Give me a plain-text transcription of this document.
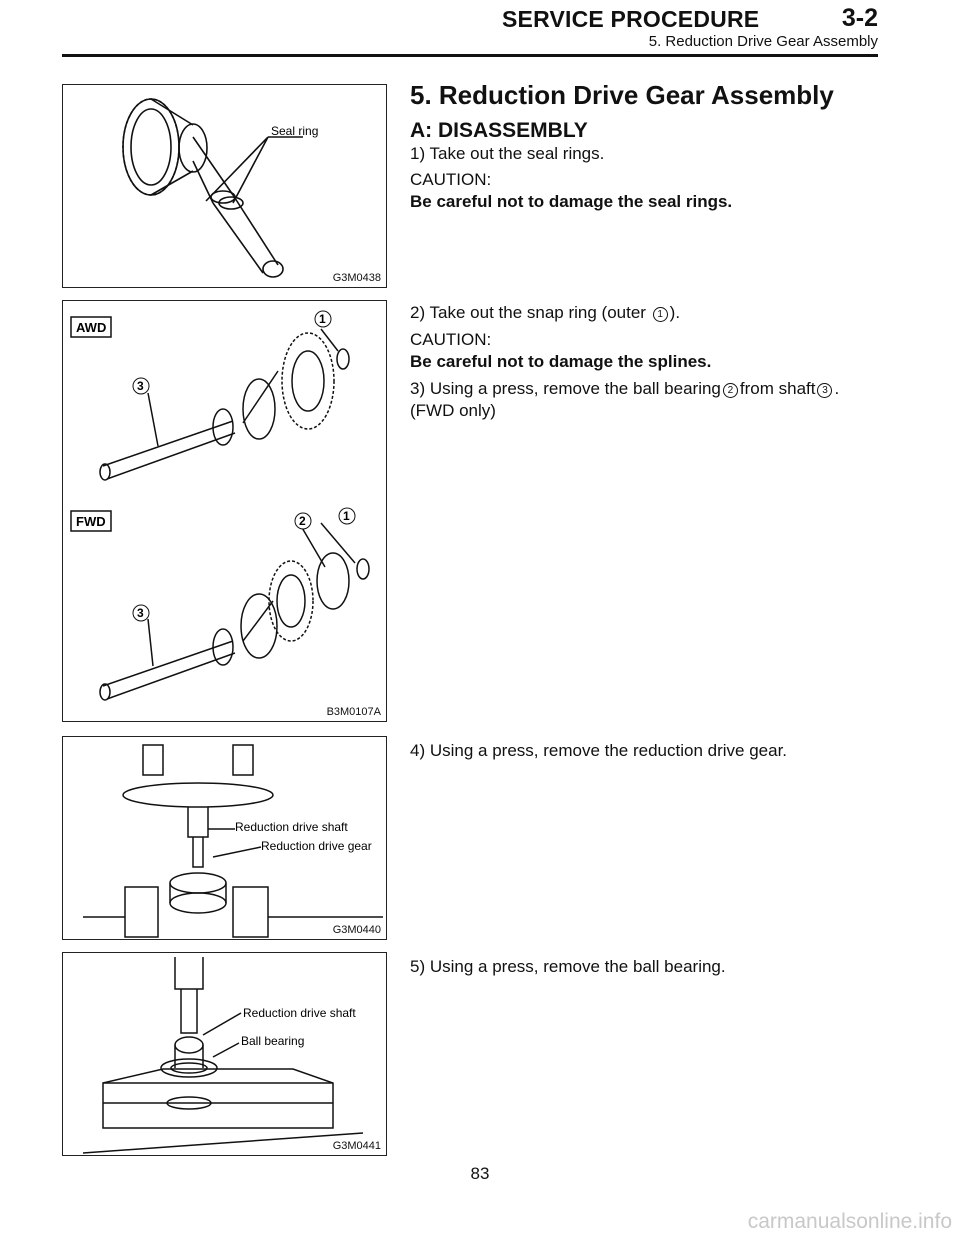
SERVICE PROCEDURE	3-2
5. Reduction Drive Gear Assembly
Seal ring
G3M0438
AWD
FWD
3
3
1
1
2
B3M0107A
Reduction drive shaft
Reduction drive gear
G3M0440
Reduction drive shaft
Ball bearing
G3M0441

5. Reduction Drive Gear Assembly

A: DISASSEMBLY

1) Take out the seal rings.

CAUTION:

Be careful not to damage the seal rings.

2) Take out the snap ring (outer 1 ).

CAUTION:

Be careful not to damage the splines.

3) Using a press, remove the ball bearing 2 from shaft 3 .

(FWD only)

4) Using a press, remove the reduction drive gear.

5) Using a press, remove the ball bearing.

83
carmanualsonline.info
